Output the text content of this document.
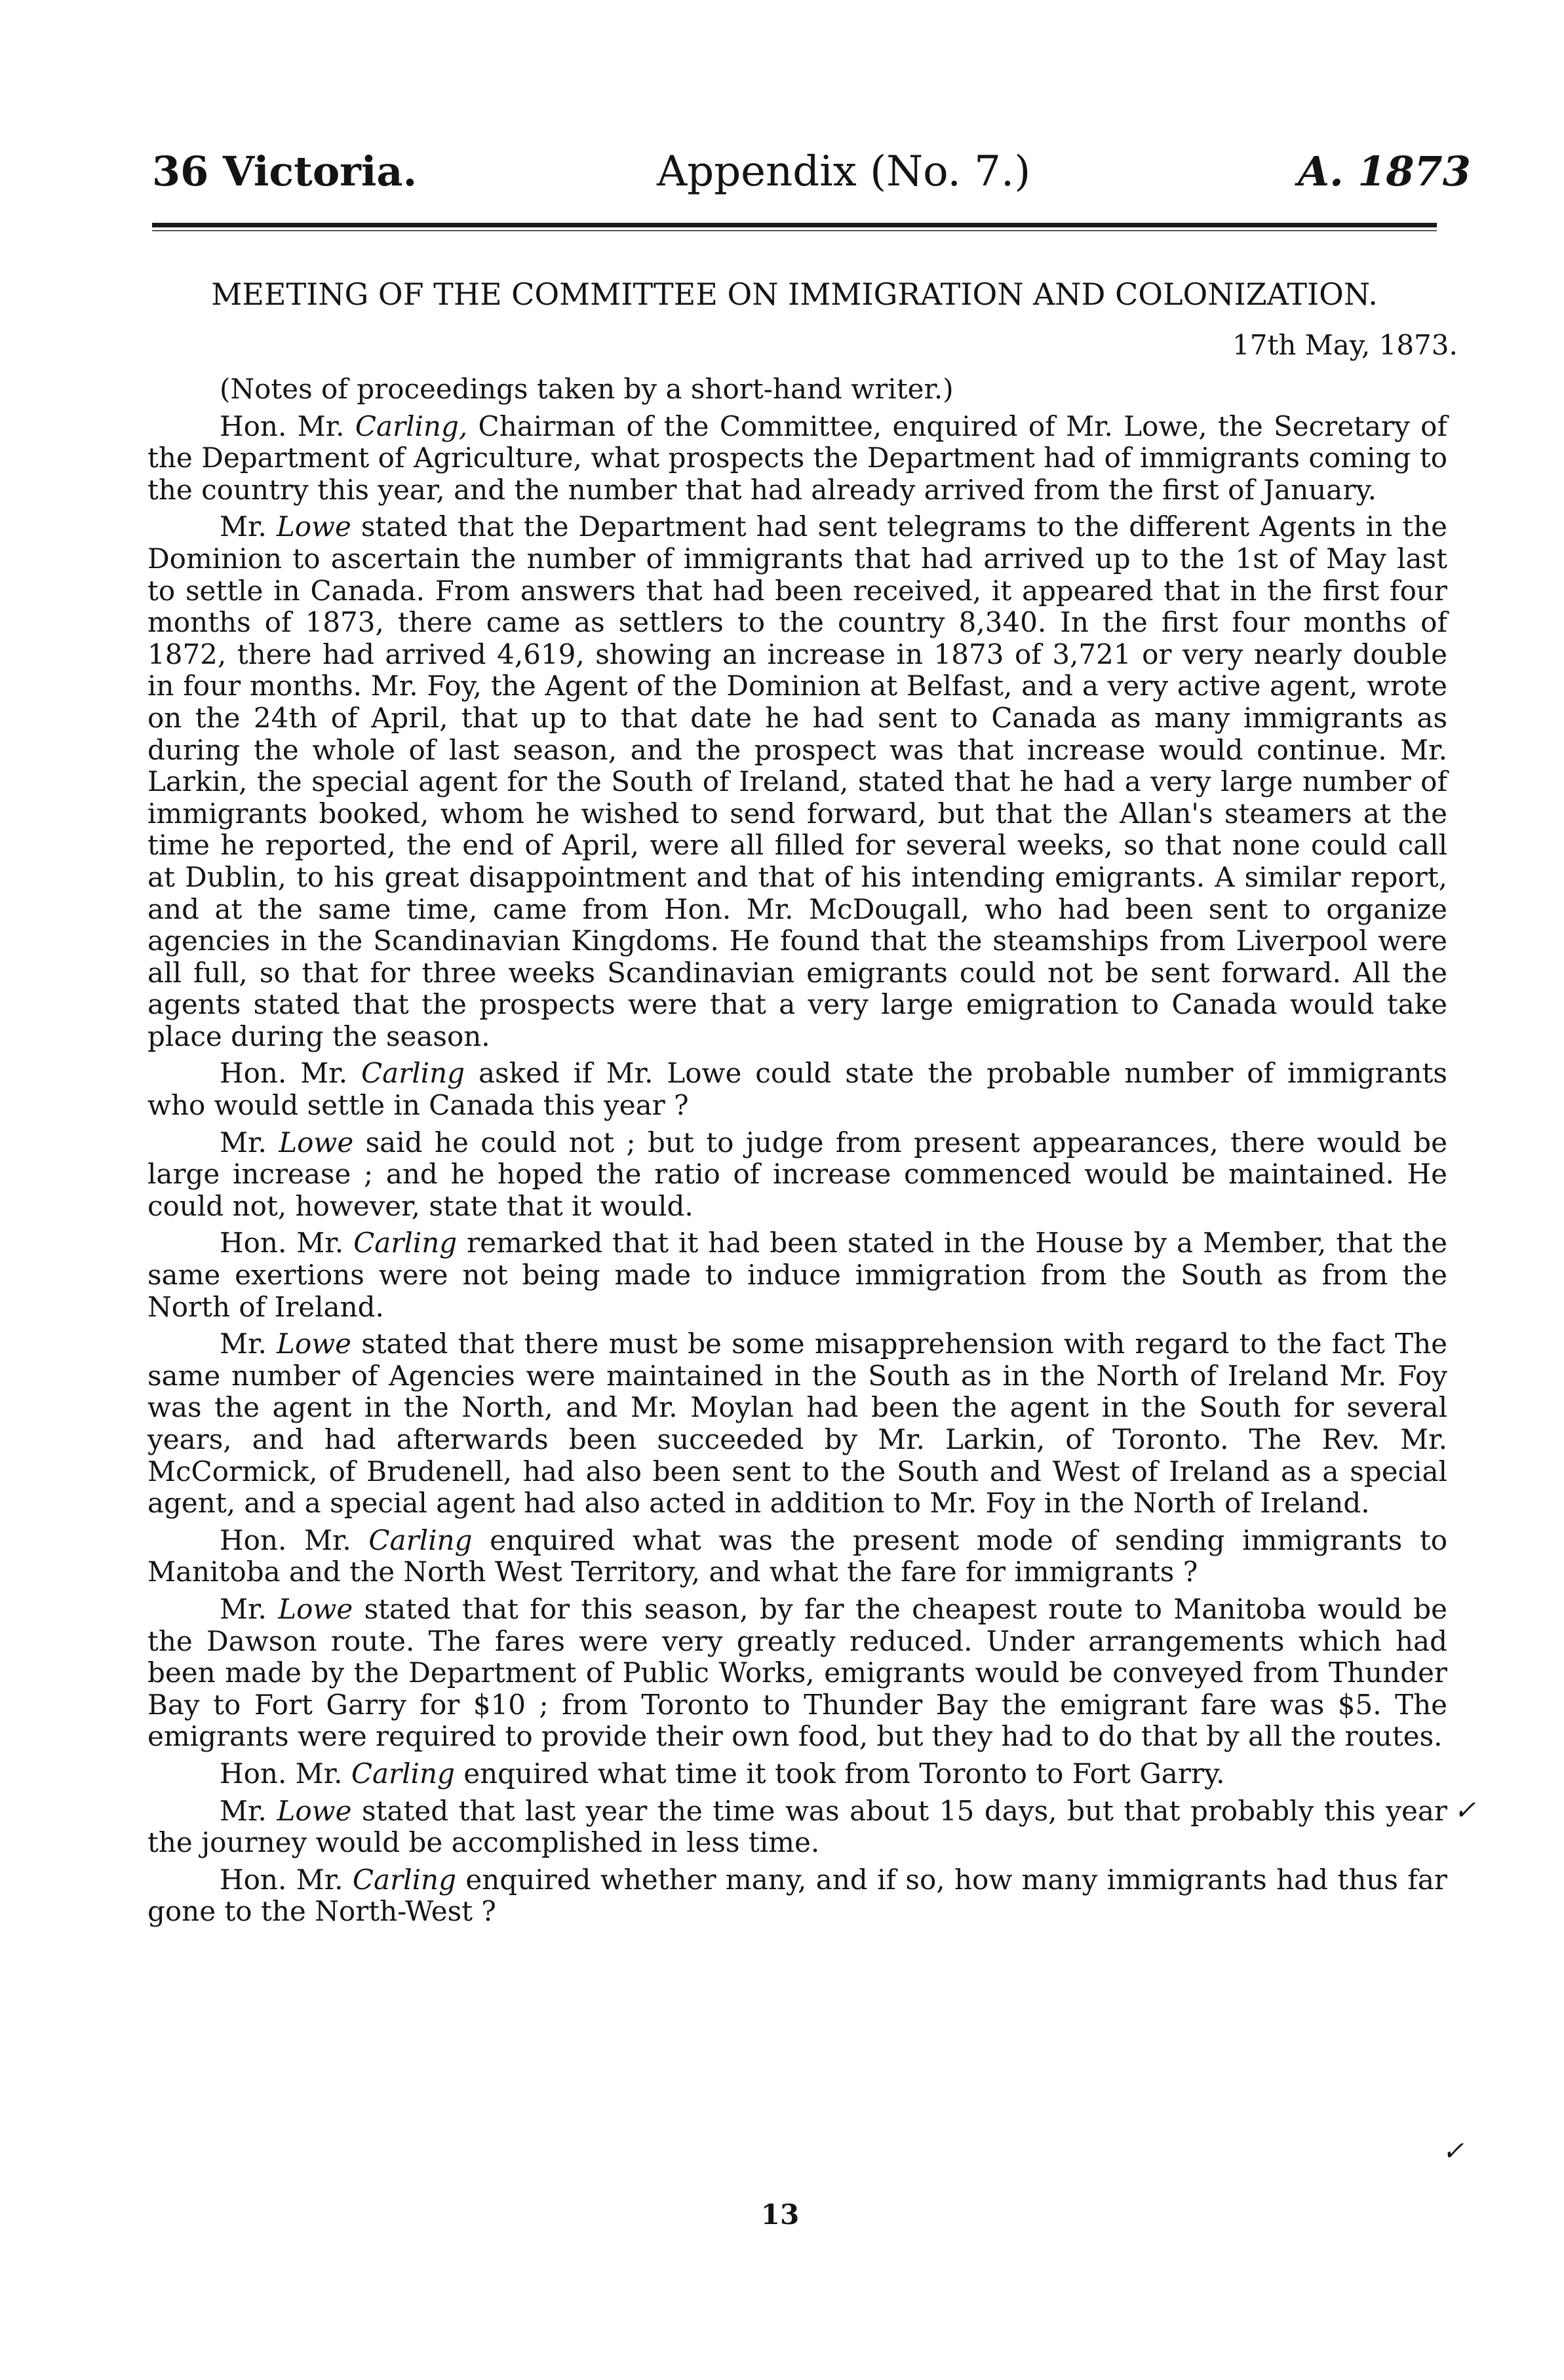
36 Victoria.	Appendix (No. 7.)	A. 1873
MEETING OF THE COMMITTEE ON IMMIGRATION AND COLONIZATION.
17th May, 1873.

(Notes of proceedings taken by a short-hand writer.)

Hon. Mr. Carling, Chairman of the Committee, enquired of Mr. Lowe, the Secretary of the Department of Agriculture, what prospects the Department had of immigrants coming to the country this year, and the number that had already arrived from the first of January.

Mr. Lowe stated that the Department had sent telegrams to the different Agents in the Dominion to ascertain the number of immigrants that had arrived up to the 1st of May last to settle in Canada. From answers that had been received, it appeared that in the first four months of 1873, there came as settlers to the country 8,340. In the first four months of 1872, there had arrived 4,619, showing an increase in 1873 of 3,721 or very nearly double in four months. Mr. Foy, the Agent of the Dominion at Belfast, and a very active agent, wrote on the 24th of April, that up to that date he had sent to Canada as many immigrants as during the whole of last season, and the prospect was that increase would continue. Mr. Larkin, the special agent for the South of Ireland, stated that he had a very large number of immigrants booked, whom he wished to send forward, but that the Allan's steamers at the time he reported, the end of April, were all filled for several weeks, so that none could call at Dublin, to his great disappointment and that of his intending emigrants. A similar report, and at the same time, came from Hon. Mr. McDougall, who had been sent to organize agencies in the Scandinavian Kingdoms. He found that the steamships from Liverpool were all full, so that for three weeks Scandinavian emigrants could not be sent forward. All the agents stated that the prospects were that a very large emigration to Canada would take place during the season.

Hon. Mr. Carling asked if Mr. Lowe could state the probable number of immigrants who would settle in Canada this year ?

Mr. Lowe said he could not ; but to judge from present appearances, there would be large increase ; and he hoped the ratio of increase commenced would be maintained. He could not, however, state that it would.

Hon. Mr. Carling remarked that it had been stated in the House by a Member, that the same exertions were not being made to induce immigration from the South as from the North of Ireland.

Mr. Lowe stated that there must be some misapprehension with regard to the fact The same number of Agencies were maintained in the South as in the North of Ireland Mr. Foy was the agent in the North, and Mr. Moylan had been the agent in the South for several years, and had afterwards been succeeded by Mr. Larkin, of Toronto. The Rev. Mr. McCormick, of Brudenell, had also been sent to the South and West of Ireland as a special agent, and a special agent had also acted in addition to Mr. Foy in the North of Ireland.

Hon. Mr. Carling enquired what was the present mode of sending immigrants to Manitoba and the North West Territory, and what the fare for immigrants ?

Mr. Lowe stated that for this season, by far the cheapest route to Manitoba would be the Dawson route. The fares were very greatly reduced. Under arrangements which had been made by the Department of Public Works, emigrants would be conveyed from Thunder Bay to Fort Garry for $10 ; from Toronto to Thunder Bay the emigrant fare was $5. The emigrants were required to provide their own food, but they had to do that by all the routes.

Hon. Mr. Carling enquired what time it took from Toronto to Fort Garry.

Mr. Lowe stated that last year the time was about 15 days, but that probably this year the journey would be accomplished in less time.

Hon. Mr. Carling enquired whether many, and if so, how many immigrants had thus far gone to the North-West ?

✓
✓
13
